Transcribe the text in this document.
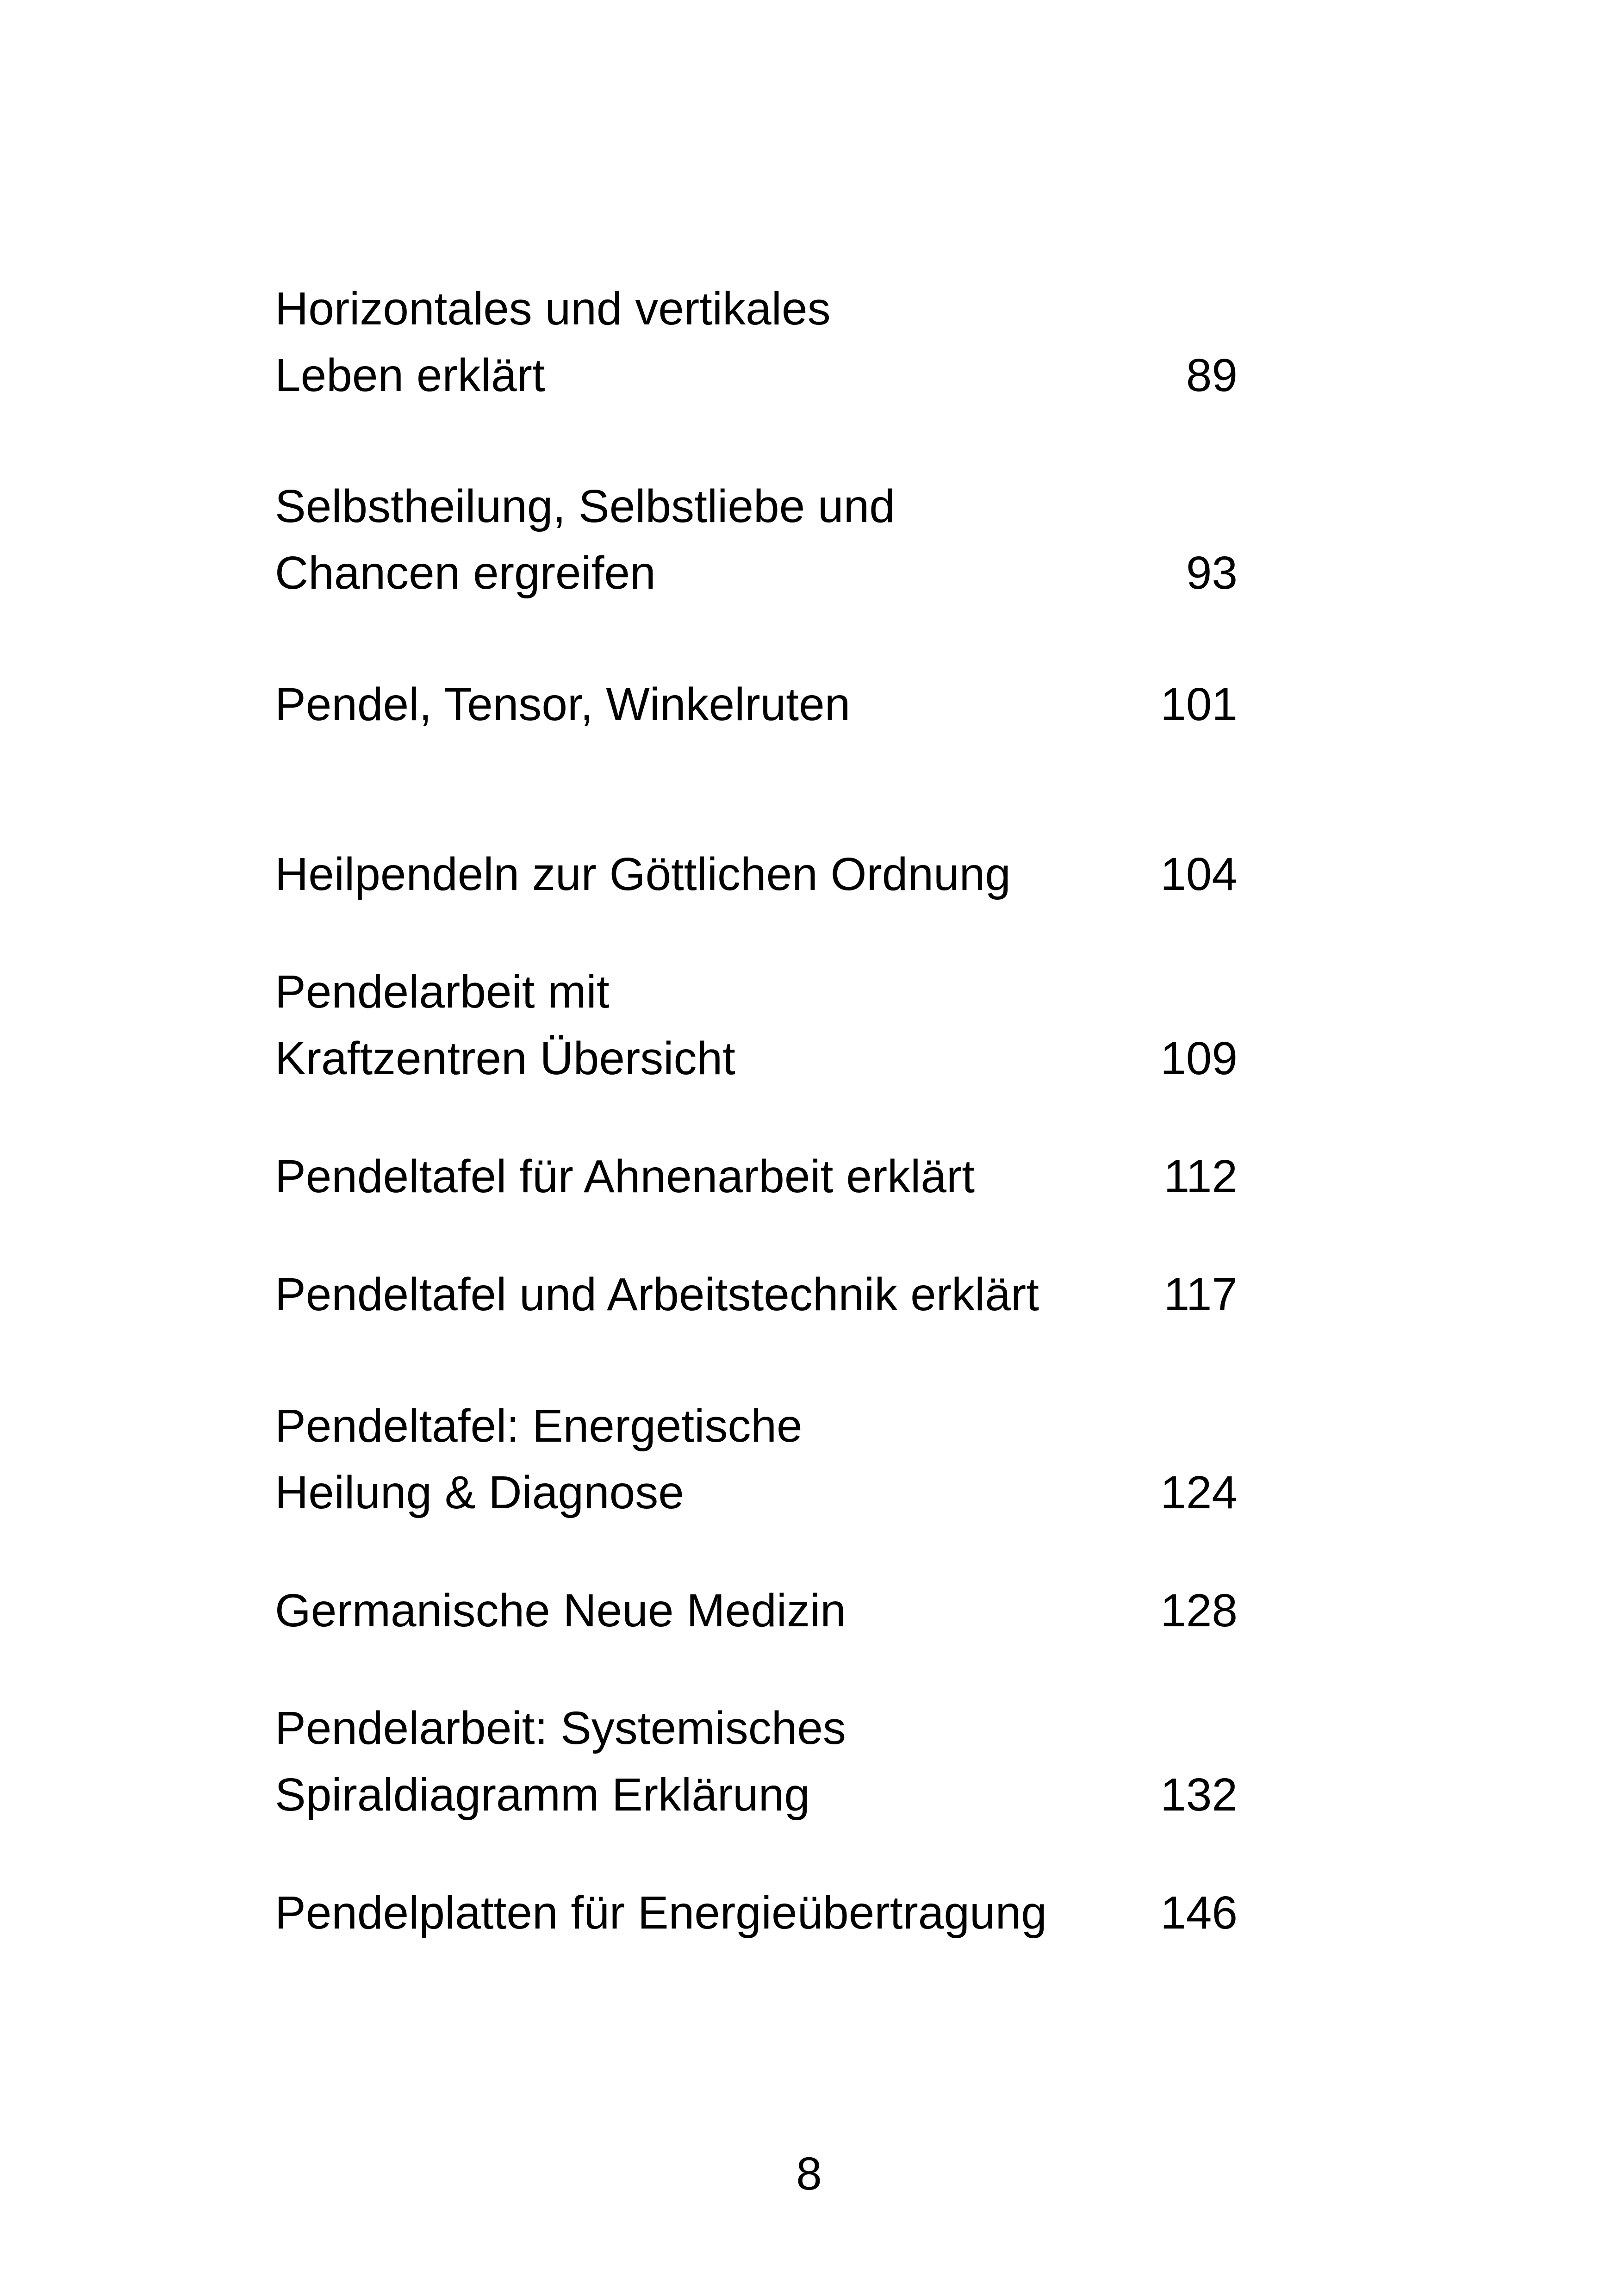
Horizontales und vertikales
Leben erklärt	89
Selbstheilung, Selbstliebe und
Chancen ergreifen	93
Pendel, Tensor, Winkelruten	101
Heilpendeln zur Göttlichen Ordnung	104
Pendelarbeit mit
Kraftzentren Übersicht	109
Pendeltafel für Ahnenarbeit erklärt	112
Pendeltafel und Arbeitstechnik erklärt	117
Pendeltafel: Energetische
Heilung & Diagnose	124
Germanische Neue Medizin	128
Pendelarbeit: Systemisches
Spiraldiagramm Erklärung	132
Pendelplatten für Energieübertragung	146
8
